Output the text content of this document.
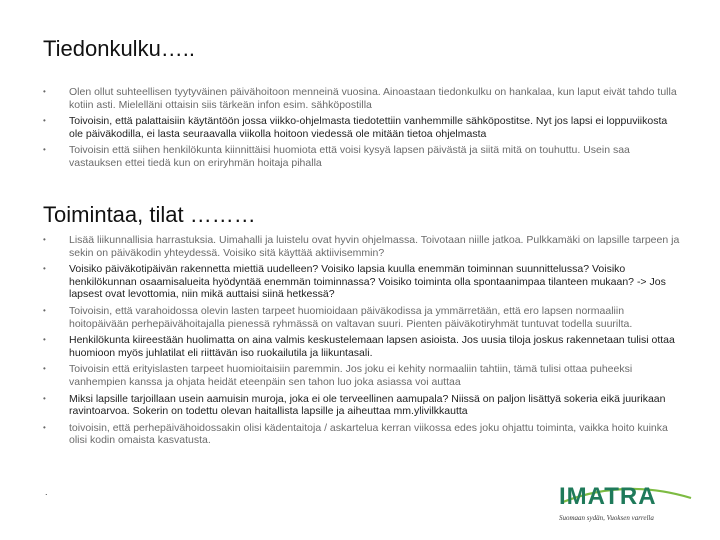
Tiedonkulku…..
• Olen ollut suhteellisen tyytyväinen päivähoitoon menneinä vuosina. Ainoastaan tiedonkulku on hankalaa, kun laput eivät tahdo tulla kotiin asti. Mielelläni ottaisin siis tärkeän infon esim. sähköpostilla
• Toivoisin, että palattaisiin käytäntöön jossa viikko-ohjelmasta tiedotettiin vanhemmille sähköpostitse. Nyt jos lapsi ei loppuviikosta ole päiväkodilla, ei lasta seuraavalla viikolla hoitoon viedessä ole mitään tietoa ohjelmasta
• Toivoisin että siihen henkilökunta kiinnittäisi huomiota että voisi kysyä lapsen päivästä ja siitä mitä on touhuttu. Usein saa vastauksen ettei tiedä kun on eriryhmän hoitaja pihalla
Toimintaa, tilat ………
• Lisää liikunnallisia harrastuksia. Uimahalli ja luistelu ovat hyvin ohjelmassa. Toivotaan niille jatkoa. Pulkkamäki on lapsille tarpeen ja sekin on päiväkodin yhteydessä. Voisiko sitä käyttää aktiivisemmin?
• Voisiko päiväkotipäivän rakennetta miettiä uudelleen? Voisiko lapsia kuulla enemmän toiminnan suunnittelussa? Voisiko henkilökunnan osaamisalueita hyödyntää enemmän toiminnassa? Voisiko toiminta olla spontaanimpaa tilanteen mukaan? -> Jos lapsest ovat levottomia, niin mikä auttaisi siinä hetkessä?
• Toivoisin, että varahoidossa olevin lasten tarpeet huomioidaan päiväkodissa ja ymmärretään, että ero lapsen normaaliin hoitopäivään perhepäivähoitajalla pienessä ryhmässä on valtavan suuri. Pienten päiväkotiryhmät tuntuvat todella suurilta.
• Henkilökunta kiireestään huolimatta on aina valmis keskustelemaan lapsen asioista. Jos uusia tiloja joskus rakennetaan tulisi ottaa huomioon myös juhlatilat eli riittävän iso ruokailutila ja liikuntasali.
• Toivoisin että erityislasten tarpeet huomioitaisiin paremmin. Jos joku ei kehity normaaliin tahtiin, tämä tulisi ottaa puheeksi vanhempien kanssa ja ohjata heidät eteenpäin sen tahon luo joka asiassa voi auttaa
• Miksi lapsille tarjoillaan usein aamuisin muroja, joka ei ole terveellinen aamupala? Niissä on paljon lisättyä sokeria eikä juurikaan ravintoarvoa. Sokerin on todettu olevan haitallista lapsille ja aiheuttaa mm.ylivilkkautta
• toivoisin, että perhepäivähoidossakin olisi kädentaitoja / askartelua kerran viikossa edes joku ohjattu toiminta, vaikka hoito kuinka olisi kodin omaista kasvatusta.
.	IMATRA
Suomaan sydän, Vuoksen varrella
